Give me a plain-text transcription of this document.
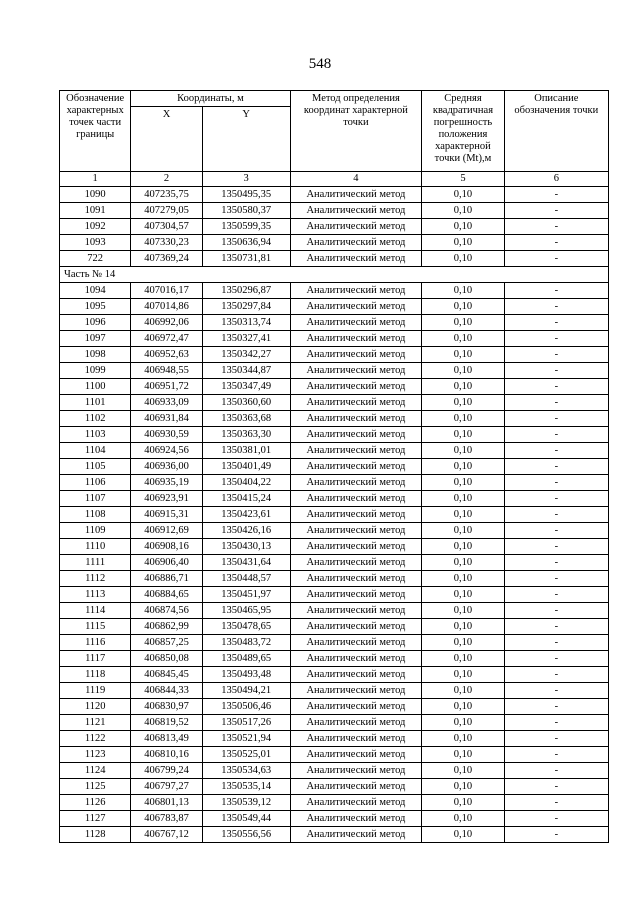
548
Обозначение характерных точек части границы	Координаты, м		Метод определения координат характерной точки	Средняя квадратичная погрешность положения характерной точки (Mt),м	Описание обозначения точки
	X	Y			
1	2	3	4	5	6
1090	407235,75	1350495,35	Аналитический метод	0,10	-
1091	407279,05	1350580,37	Аналитический метод	0,10	-
1092	407304,57	1350599,35	Аналитический метод	0,10	-
1093	407330,23	1350636,94	Аналитический метод	0,10	-
722	407369,24	1350731,81	Аналитический метод	0,10	-
Часть № 14					
1094	407016,17	1350296,87	Аналитический метод	0,10	-
1095	407014,86	1350297,84	Аналитический метод	0,10	-
1096	406992,06	1350313,74	Аналитический метод	0,10	-
1097	406972,47	1350327,41	Аналитический метод	0,10	-
1098	406952,63	1350342,27	Аналитический метод	0,10	-
1099	406948,55	1350344,87	Аналитический метод	0,10	-
1100	406951,72	1350347,49	Аналитический метод	0,10	-
1101	406933,09	1350360,60	Аналитический метод	0,10	-
1102	406931,84	1350363,68	Аналитический метод	0,10	-
1103	406930,59	1350363,30	Аналитический метод	0,10	-
1104	406924,56	1350381,01	Аналитический метод	0,10	-
1105	406936,00	1350401,49	Аналитический метод	0,10	-
1106	406935,19	1350404,22	Аналитический метод	0,10	-
1107	406923,91	1350415,24	Аналитический метод	0,10	-
1108	406915,31	1350423,61	Аналитический метод	0,10	-
1109	406912,69	1350426,16	Аналитический метод	0,10	-
1110	406908,16	1350430,13	Аналитический метод	0,10	-
1111	406906,40	1350431,64	Аналитический метод	0,10	-
1112	406886,71	1350448,57	Аналитический метод	0,10	-
1113	406884,65	1350451,97	Аналитический метод	0,10	-
1114	406874,56	1350465,95	Аналитический метод	0,10	-
1115	406862,99	1350478,65	Аналитический метод	0,10	-
1116	406857,25	1350483,72	Аналитический метод	0,10	-
1117	406850,08	1350489,65	Аналитический метод	0,10	-
1118	406845,45	1350493,48	Аналитический метод	0,10	-
1119	406844,33	1350494,21	Аналитический метод	0,10	-
1120	406830,97	1350506,46	Аналитический метод	0,10	-
1121	406819,52	1350517,26	Аналитический метод	0,10	-
1122	406813,49	1350521,94	Аналитический метод	0,10	-
1123	406810,16	1350525,01	Аналитический метод	0,10	-
1124	406799,24	1350534,63	Аналитический метод	0,10	-
1125	406797,27	1350535,14	Аналитический метод	0,10	-
1126	406801,13	1350539,12	Аналитический метод	0,10	-
1127	406783,87	1350549,44	Аналитический метод	0,10	-
1128	406767,12	1350556,56	Аналитический метод	0,10	-
